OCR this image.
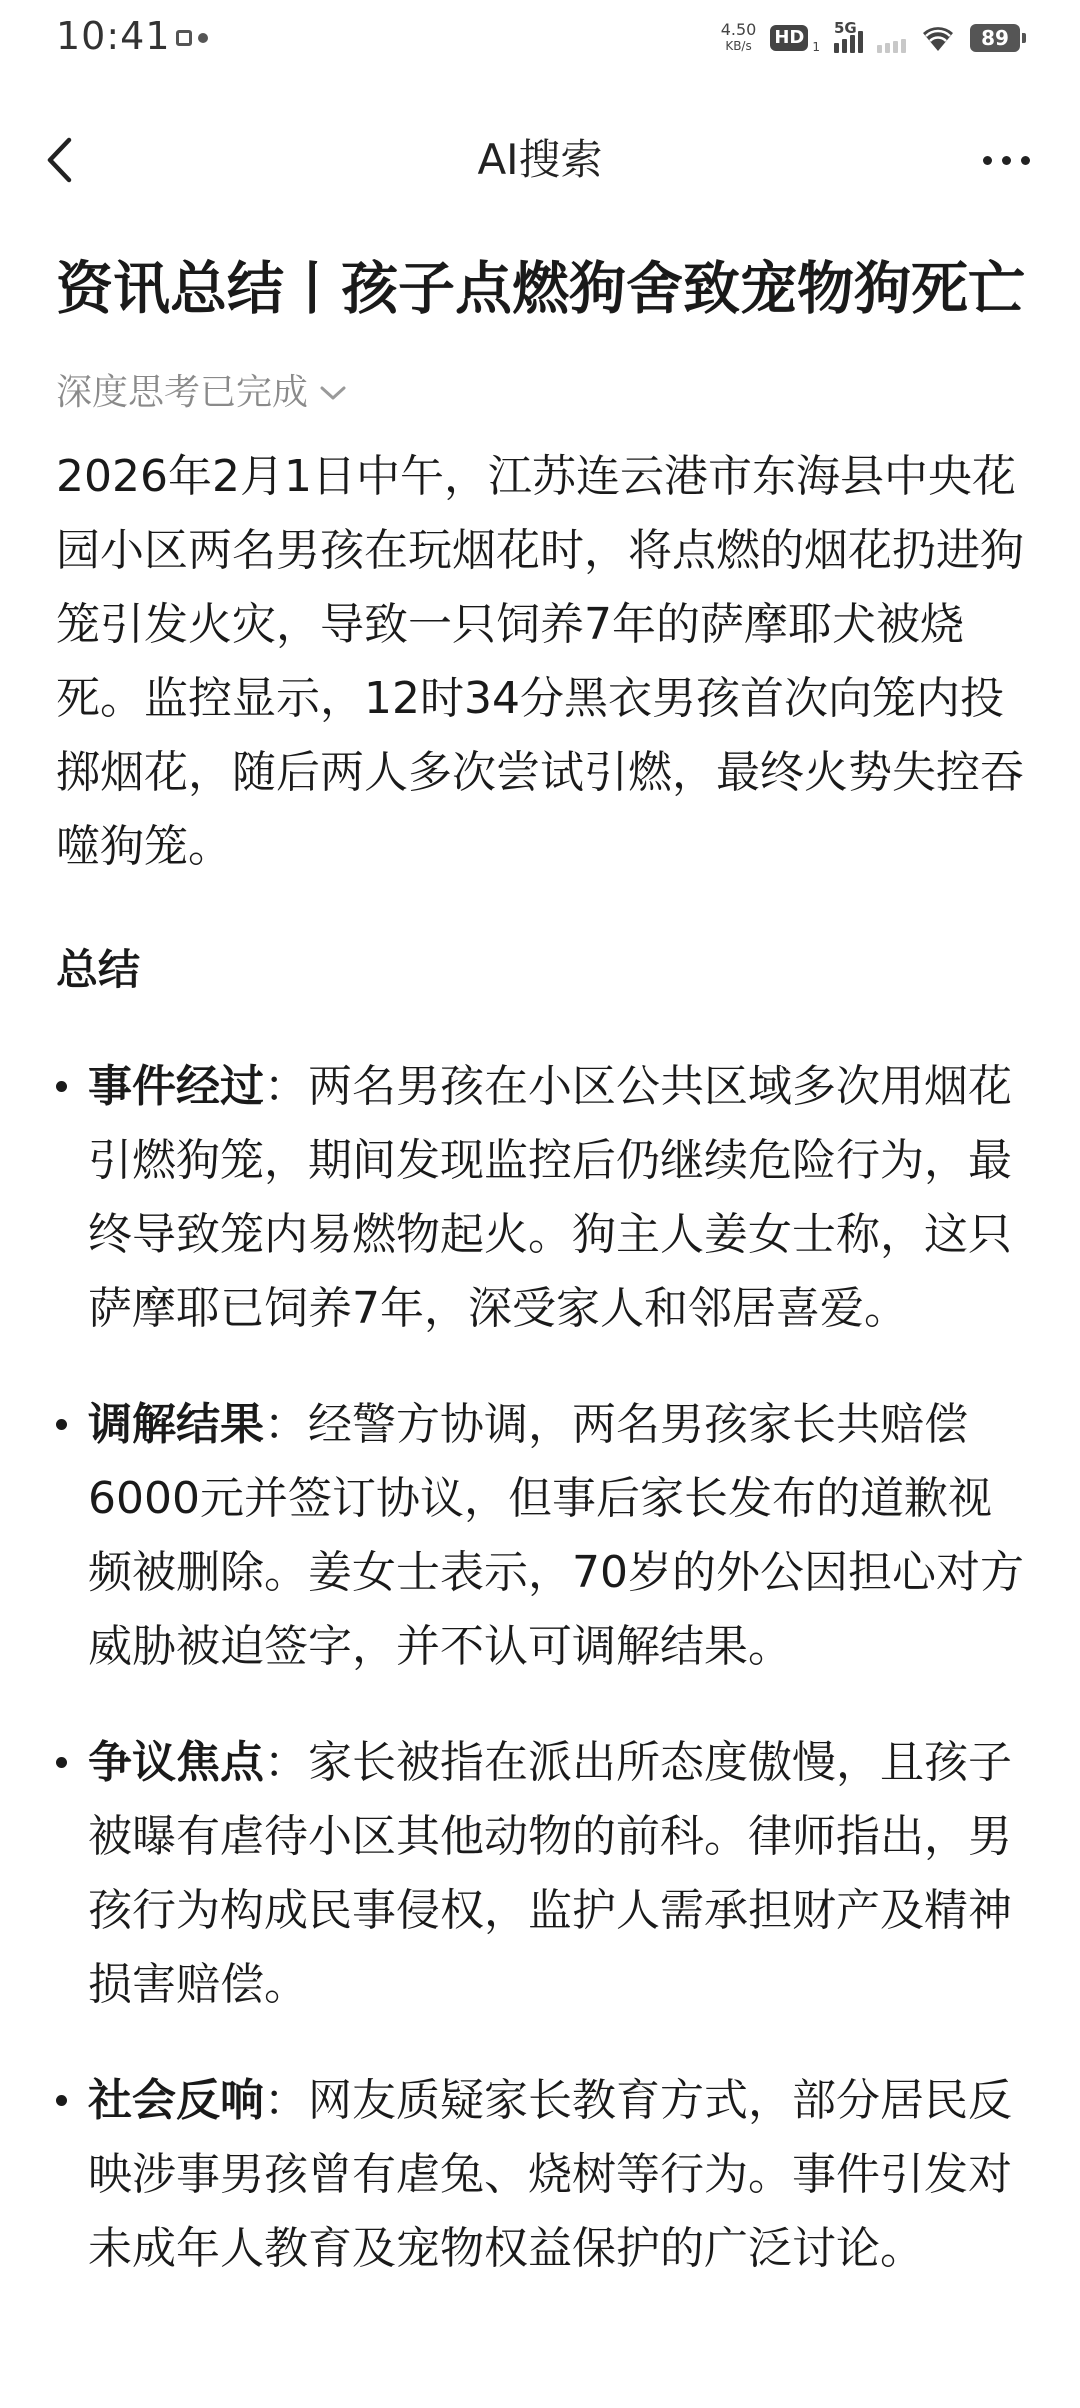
10:41	4.50
KB/s HD 1
5G	89
AI搜索
资讯总结丨孩子点燃狗舍致宠物狗死亡
深度思考已完成
2026年2月1日中午，江苏连云港市东海县中央花园小区两名男孩在玩烟花时，将点燃的烟花扔进狗笼引发火灾，导致一只饲养7年的萨摩耶犬被烧死。监控显示，12时34分黑衣男孩首次向笼内投掷烟花，随后两人多次尝试引燃，最终火势失控吞噬狗笼。
总结
事件经过：两名男孩在小区公共区域多次用烟花引燃狗笼，期间发现监控后仍继续危险行为，最终导致笼内易燃物起火。狗主人姜女士称，这只萨摩耶已饲养7年，深受家人和邻居喜爱。
调解结果：经警方协调，两名男孩家长共赔偿6000元并签订协议，但事后家长发布的道歉视频被删除。姜女士表示，70岁的外公因担心对方威胁被迫签字，并不认可调解结果。
争议焦点：家长被指在派出所态度傲慢，且孩子被曝有虐待小区其他动物的前科。律师指出，男孩行为构成民事侵权，监护人需承担财产及精神损害赔偿。
社会反响：网友质疑家长教育方式，部分居民反映涉事男孩曾有虐兔、烧树等行为。事件引发对未成年人教育及宠物权益保护的广泛讨论。
